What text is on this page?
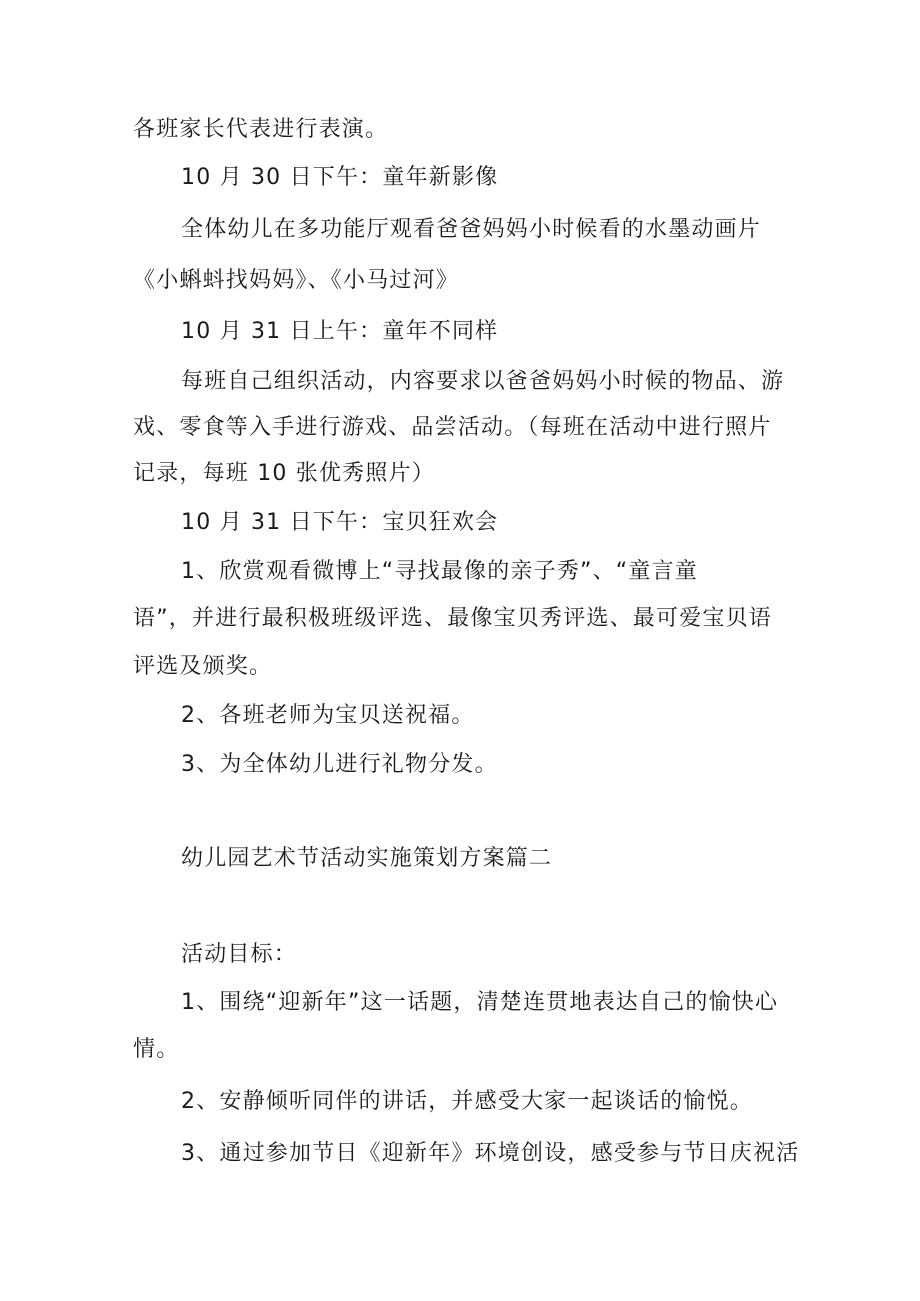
各班家长代表进行表演。

10 月 30 日下午：童年新影像

全体幼儿在多功能厅观看爸爸妈妈小时候看的水墨动画片

《小蝌蚪找妈妈》、《小马过河》

10 月 31 日上午：童年不同样

每班自己组织活动，内容要求以爸爸妈妈小时候的物品、游

戏、零食等入手进行游戏、品尝活动。（每班在活动中进行照片

记录，每班 10 张优秀照片）

10 月 31 日下午：宝贝狂欢会

1、欣赏观看微博上“寻找最像的亲子秀”、“童言童

语”，并进行最积极班级评选、最像宝贝秀评选、最可爱宝贝语

评选及颁奖。

2、各班老师为宝贝送祝福。

3、为全体幼儿进行礼物分发。

幼儿园艺术节活动实施策划方案篇二

活动目标：

1、围绕“迎新年”这一话题，清楚连贯地表达自己的愉快心

情。

2、安静倾听同伴的讲话，并感受大家一起谈话的愉悦。

3、通过参加节日《迎新年》环境创设，感受参与节日庆祝活
